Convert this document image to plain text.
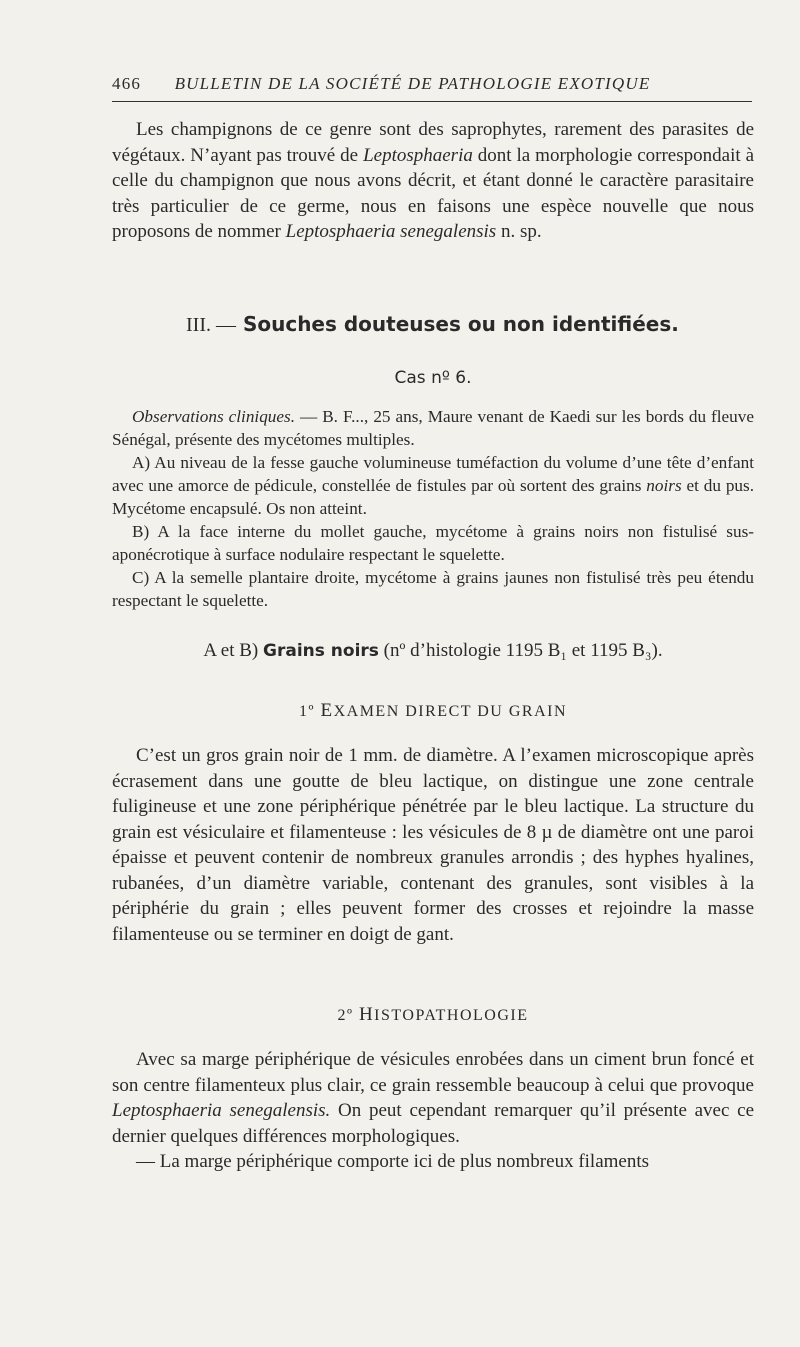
466 BULLETIN DE LA SOCIÉTÉ DE PATHOLOGIE EXOTIQUE

Les champignons de ce genre sont des saprophytes, rarement des parasites de végétaux. N’ayant pas trouvé de Leptosphaeria dont la morphologie correspondait à celle du champignon que nous avons décrit, et étant donné le caractère parasitaire très particulier de ce germe, nous en faisons une espèce nouvelle que nous proposons de nommer Leptosphaeria senegalensis n. sp.

III. — Souches douteuses ou non identifiées.
Cas nº 6.

Observations cliniques. — B. F..., 25 ans, Maure venant de Kaedi sur les bords du fleuve Sénégal, présente des mycétomes multiples.

A) Au niveau de la fesse gauche volumineuse tuméfaction du volume d’une tête d’enfant avec une amorce de pédicule, constellée de fistules par où sortent des grains noirs et du pus. Mycétome encapsulé. Os non atteint.

B) A la face interne du mollet gauche, mycétome à grains noirs non fistulisé sus-aponécrotique à surface nodulaire respectant le squelette.

C) A la semelle plantaire droite, mycétome à grains jaunes non fistulisé très peu étendu respectant le squelette.

A et B) Grains noirs (nº d’histologie 1195 B₁ et 1195 B₃).
1º EXAMEN DIRECT DU GRAIN

C’est un gros grain noir de 1 mm. de diamètre. A l’examen microscopique après écrasement dans une goutte de bleu lactique, on distingue une zone centrale fuligineuse et une zone périphérique pénétrée par le bleu lactique. La structure du grain est vésiculaire et filamenteuse : les vésicules de 8 µ de diamètre ont une paroi épaisse et peuvent contenir de nombreux granules arrondis ; des hyphes hyalines, rubanées, d’un diamètre variable, contenant des granules, sont visibles à la périphérie du grain ; elles peuvent former des crosses et rejoindre la masse filamenteuse ou se terminer en doigt de gant.

2º HISTOPATHOLOGIE

Avec sa marge périphérique de vésicules enrobées dans un ciment brun foncé et son centre filamenteux plus clair, ce grain ressemble beaucoup à celui que provoque Leptosphaeria senegalensis. On peut cependant remarquer qu’il présente avec ce dernier quelques différences morphologiques.

— La marge périphérique comporte ici de plus nombreux filaments
